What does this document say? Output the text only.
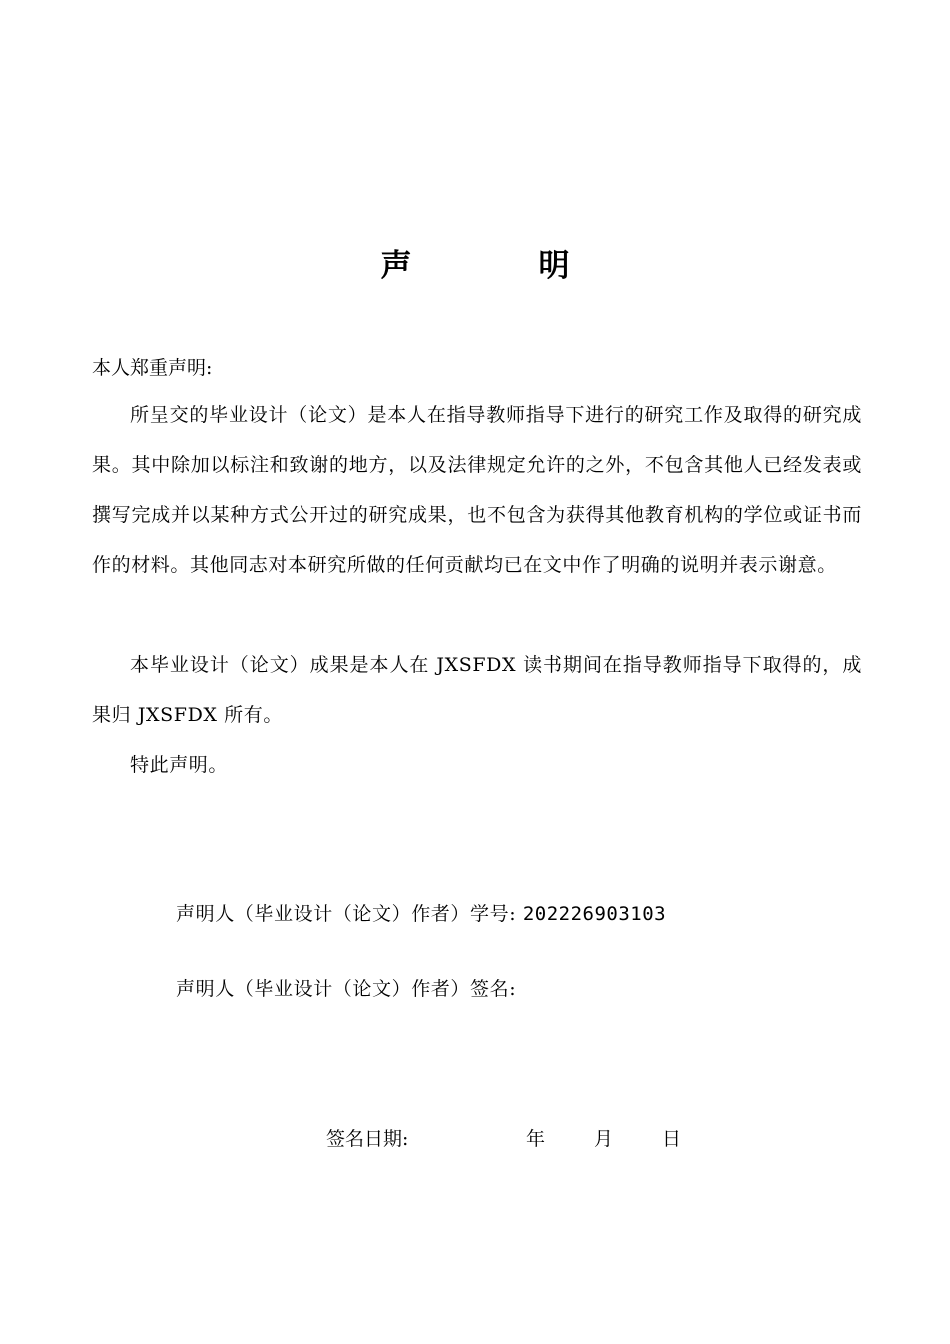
声　明
本人郑重声明:

所呈交的毕业设计（论文）是本人在指导教师指导下进行的研究工作及取得的研究成果。其中除加以标注和致谢的地方，以及法律规定允许的之外，不包含其他人已经发表或撰写完成并以某种方式公开过的研究成果，也不包含为获得其他教育机构的学位或证书而作的材料。其他同志对本研究所做的任何贡献均已在文中作了明确的说明并表示谢意。

本毕业设计（论文）成果是本人在 JXSFDX 读书期间在指导教师指导下取得的，成果归 JXSFDX 所有。

特此声明。

声明人（毕业设计（论文）作者）学号: 202226903103
声明人（毕业设计（论文）作者）签名:
签名日期:	年	月	日
